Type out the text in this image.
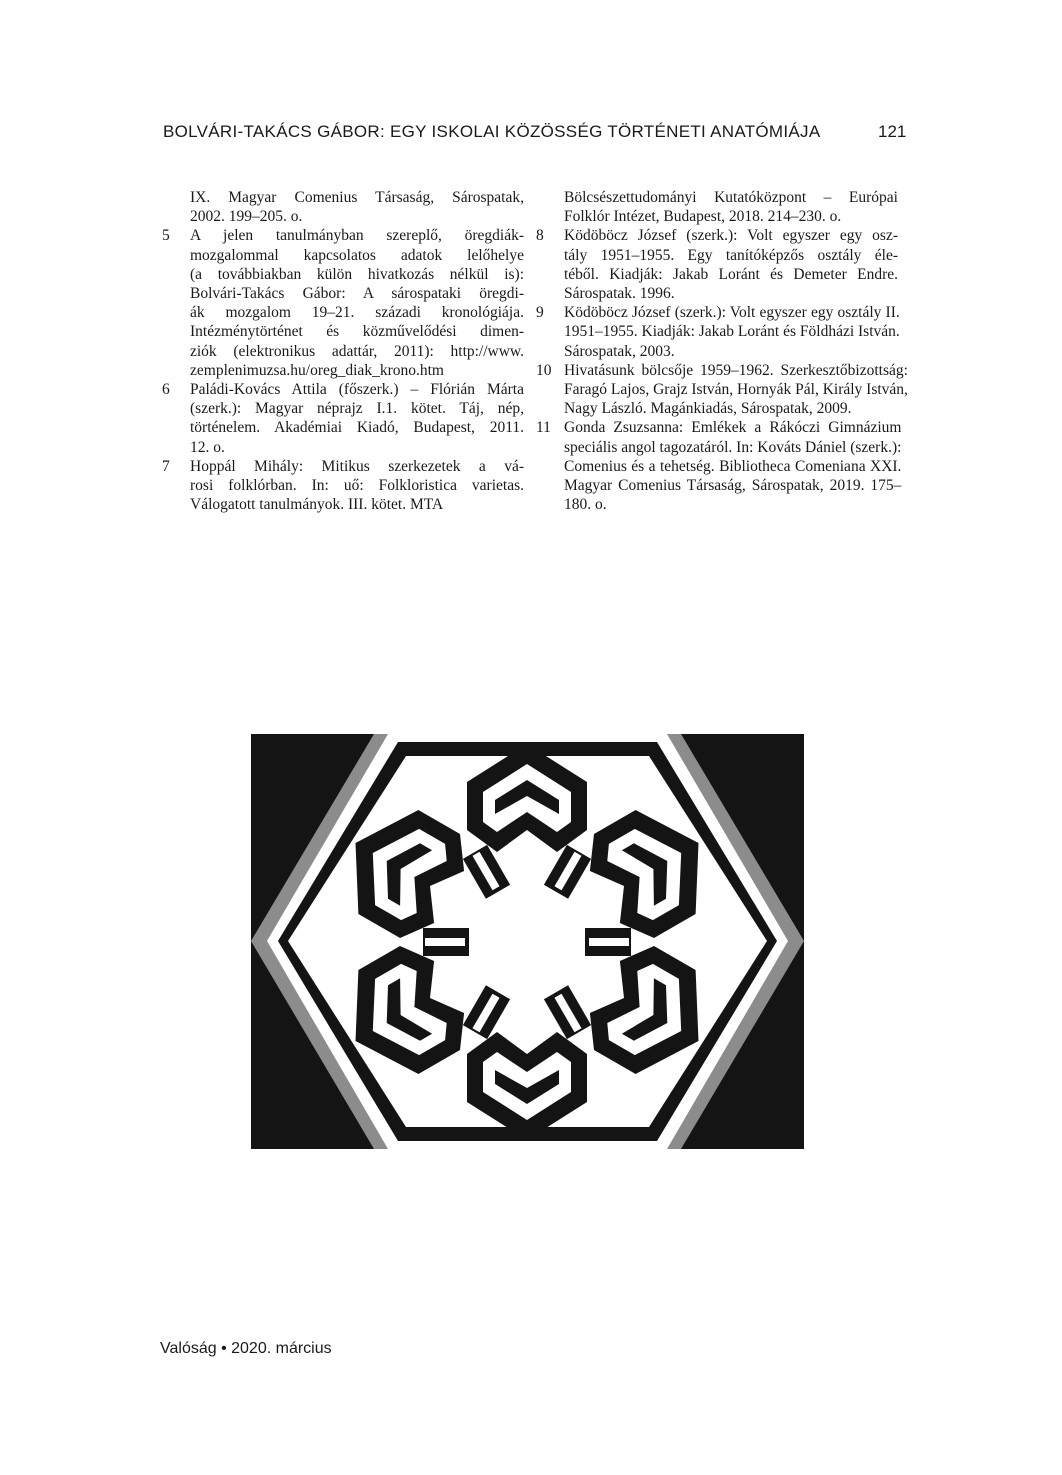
BOLVÁRI-TAKÁCS GÁBOR: EGY ISKOLAI KÖZÖSSÉG TÖRTÉNETI ANATÓMIÁJA	121
IX. Magyar Comenius Társaság, Sárospatak,
2002. 199–205. o.
5	A jelen tanulmányban szereplő, öregdiák-
mozgalommal kapcsolatos adatok lelőhelye
(a továbbiakban külön hivatkozás nélkül is):
Bolvári-Takács Gábor: A sárospataki öregdi-
ák mozgalom 19–21. századi kronológiája.
Intézménytörténet és közművelődési dimen-
ziók (elektronikus adattár, 2011): http://www.
zemplenimuzsa.hu/oreg_diak_krono.htm
6	Paládi-Kovács Attila (főszerk.) – Flórián Márta
(szerk.): Magyar néprajz I.1. kötet. Táj, nép,
történelem. Akadémiai Kiadó, Budapest, 2011.
12. o.
7	Hoppál Mihály: Mitikus szerkezetek a vá-
rosi folklórban. In: uő: Folkloristica varietas.
Válogatott tanulmányok. III. kötet. MTA
Bölcsészettudományi Kutatóközpont – Európai
Folklór Intézet, Budapest, 2018. 214–230. o.
8	Ködöböcz József (szerk.): Volt egyszer egy osz-
tály 1951–1955. Egy tanítóképzős osztály éle-
téből. Kiadják: Jakab Loránt és Demeter Endre.
Sárospatak. 1996.
9	Ködöböcz József (szerk.): Volt egyszer egy osztály II.
1951–1955. Kiadják: Jakab Loránt és Földházi István.
Sárospatak, 2003.
10 Hivatásunk bölcsője 1959–1962. Szerkesztőbizottság:
Faragó Lajos, Grajz István, Hornyák Pál, Király István,
Nagy László. Magánkiadás, Sárospatak, 2009.
11 Gonda Zsuzsanna: Emlékek a Rákóczi Gimnázium
speciális angol tagozatáról. In: Kováts Dániel (szerk.):
Comenius és a tehetség. Bibliotheca Comeniana XXI.
Magyar Comenius Társaság, Sárospatak, 2019. 175–
180. o.
Valóság • 2020. március
